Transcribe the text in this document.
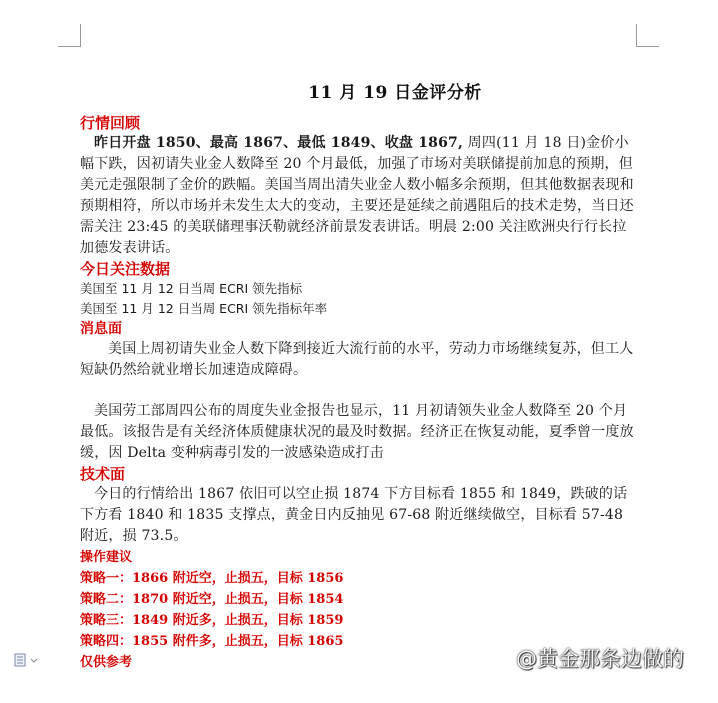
11 月 19 日金评分析

行情回顾

昨日开盘 1850、最高 1867、最低 1849、收盘 1867, 周四(11 月 18 日)金价小幅下跌，因初请失业金人数降至 20 个月最低，加强了市场对美联储提前加息的预期，但美元走强限制了金价的跌幅。美国当周出清失业金人数小幅多余预期，但其他数据表现和预期相符，所以市场并未发生太大的变动，主要还是延续之前遇阻后的技术走势，当日还需关注 23:45 的美联储理事沃勒就经济前景发表讲话。明晨 2:00 关注欧洲央行行长拉加德发表讲话。

今日关注数据

美国至 11 月 12 日当周 ECRI 领先指标

美国至 11 月 12 日当周 ECRI 领先指标年率

消息面

美国上周初请失业金人数下降到接近大流行前的水平，劳动力市场继续复苏，但工人短缺仍然给就业增长加速造成障碍。

美国劳工部周四公布的周度失业金报告也显示，11 月初请领失业金人数降至 20 个月最低。该报告是有关经济体质健康状况的最及时数据。经济正在恢复动能，夏季曾一度放缓，因 Delta 变种病毒引发的一波感染造成打击

技术面

今日的行情给出 1867 依旧可以空止损 1874 下方目标看 1855 和 1849，跌破的话下方看 1840 和 1835 支撑点，黄金日内反抽见 67-68 附近继续做空，目标看 57-48 附近，损 73.5。

操作建议

策略一：1866 附近空，止损五，目标 1856

策略二：1870 附近空，止损五，目标 1854

策略三：1849 附近多，止损五，目标 1859

策略四：1855 附件多，止损五，目标 1865

仅供参考	@黄金那条边做的
